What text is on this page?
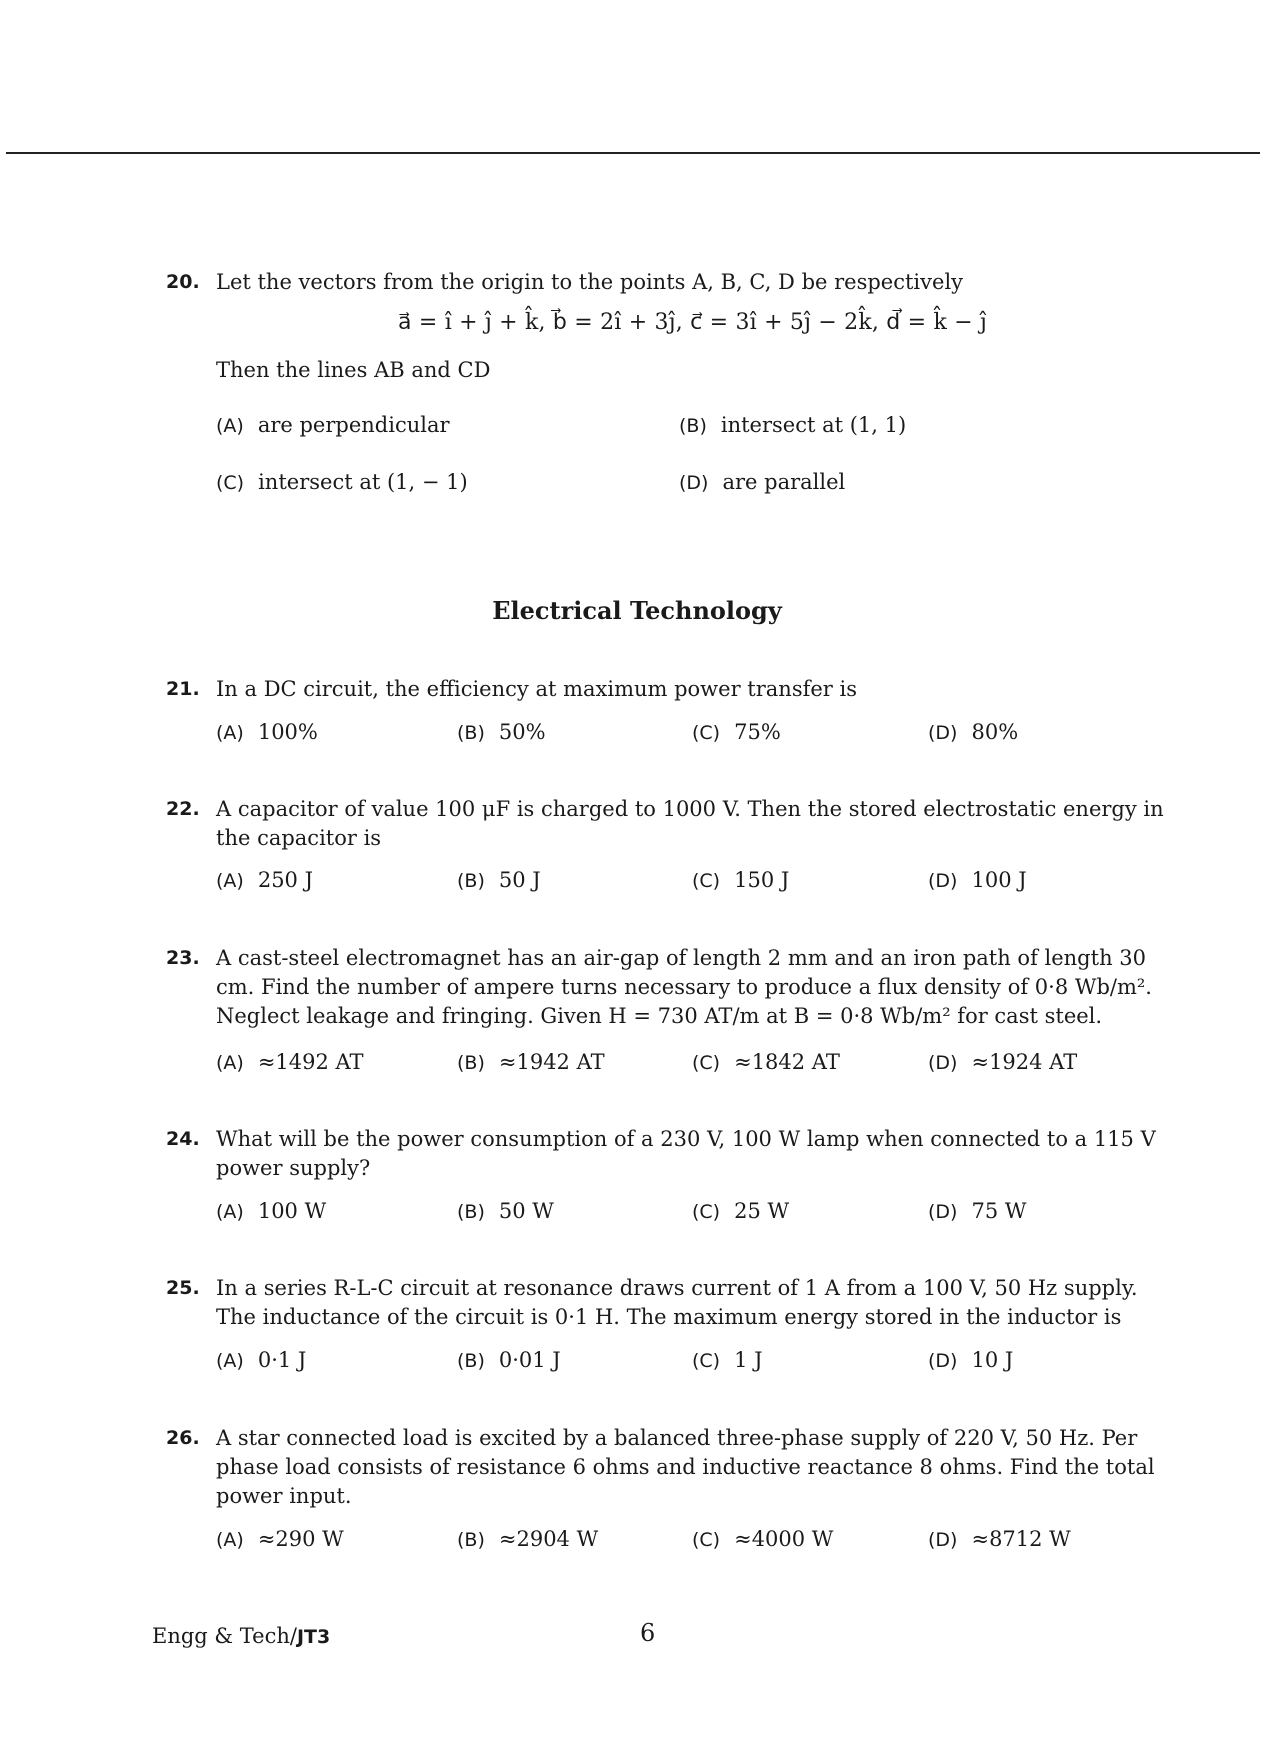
20. Let the vectors from the origin to the points A, B, C, D be respectively
a⃗ = î + ĵ + k̂, b⃗ = 2î + 3ĵ, c⃗ = 3î + 5ĵ − 2k̂, d⃗ = k̂ − ĵ
Then the lines AB and CD
(A) are perpendicular	(B) intersect at (1, 1)
(C) intersect at (1, − 1)	(D) are parallel
Electrical Technology
21. In a DC circuit, the efficiency at maximum power transfer is
(A) 100%	(B) 50%	(C) 75%	(D) 80%
22. A capacitor of value 100 μF is charged to 1000 V. Then the stored electrostatic energy in the capacitor is
(A) 250 J	(B) 50 J	(C) 150 J	(D) 100 J
23. A cast-steel electromagnet has an air-gap of length 2 mm and an iron path of length 30 cm. Find the number of ampere turns necessary to produce a flux density of 0·8 Wb/m². Neglect leakage and fringing. Given H = 730 AT/m at B = 0·8 Wb/m² for cast steel.
(A) ≈1492 AT	(B) ≈1942 AT	(C) ≈1842 AT	(D) ≈1924 AT
24. What will be the power consumption of a 230 V, 100 W lamp when connected to a 115 V power supply?
(A) 100 W	(B) 50 W	(C) 25 W	(D) 75 W
25. In a series R-L-C circuit at resonance draws current of 1 A from a 100 V, 50 Hz supply. The inductance of the circuit is 0·1 H. The maximum energy stored in the inductor is
(A) 0·1 J	(B) 0·01 J	(C) 1 J	(D) 10 J
26. A star connected load is excited by a balanced three-phase supply of 220 V, 50 Hz. Per phase load consists of resistance 6 ohms and inductive reactance 8 ohms. Find the total power input.
(A) ≈290 W	(B) ≈2904 W	(C) ≈4000 W	(D) ≈8712 W
Engg & Tech/JT3	6
